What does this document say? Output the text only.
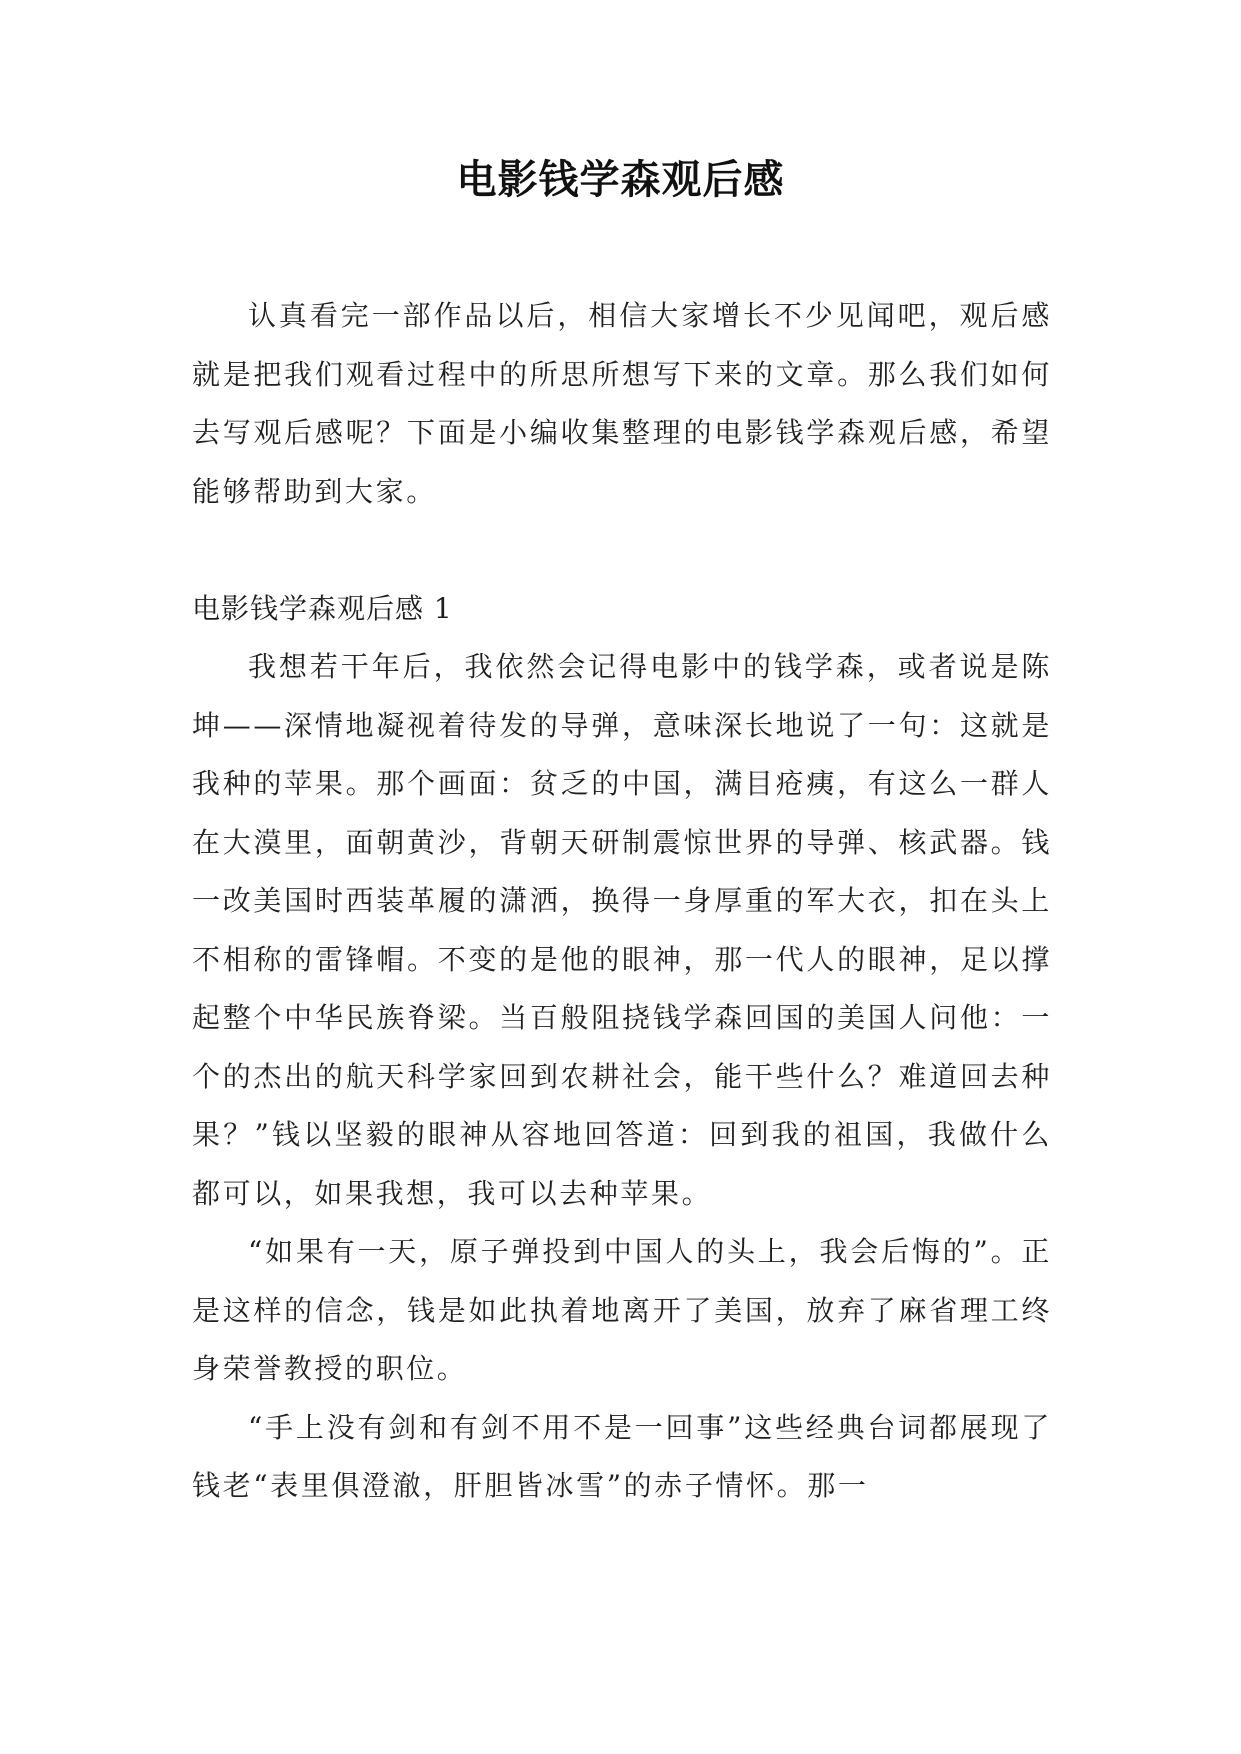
电影钱学森观后感

认真看完一部作品以后，相信大家增长不少见闻吧，观后感就是把我们观看过程中的所思所想写下来的文章。那么我们如何去写观后感呢？下面是小编收集整理的电影钱学森观后感，希望能够帮助到大家。

电影钱学森观后感 1

我想若干年后，我依然会记得电影中的钱学森，或者说是陈坤——深情地凝视着待发的导弹，意味深长地说了一句：这就是我种的苹果。那个画面：贫乏的中国，满目疮痍，有这么一群人在大漠里，面朝黄沙，背朝天研制震惊世界的导弹、核武器。钱一改美国时西装革履的潇洒，换得一身厚重的军大衣，扣在头上不相称的雷锋帽。不变的是他的眼神，那一代人的眼神，足以撑起整个中华民族脊梁。当百般阻挠钱学森回国的美国人问他：一个的杰出的航天科学家回到农耕社会，能干些什么？难道回去种果？”钱以坚毅的眼神从容地回答道：回到我的祖国，我做什么都可以，如果我想，我可以去种苹果。

“如果有一天，原子弹投到中国人的头上，我会后悔的”。正是这样的信念，钱是如此执着地离开了美国，放弃了麻省理工终身荣誉教授的职位。

“手上没有剑和有剑不用不是一回事”这些经典台词都展现了钱老“表里俱澄澈，肝胆皆冰雪”的赤子情怀。那一
